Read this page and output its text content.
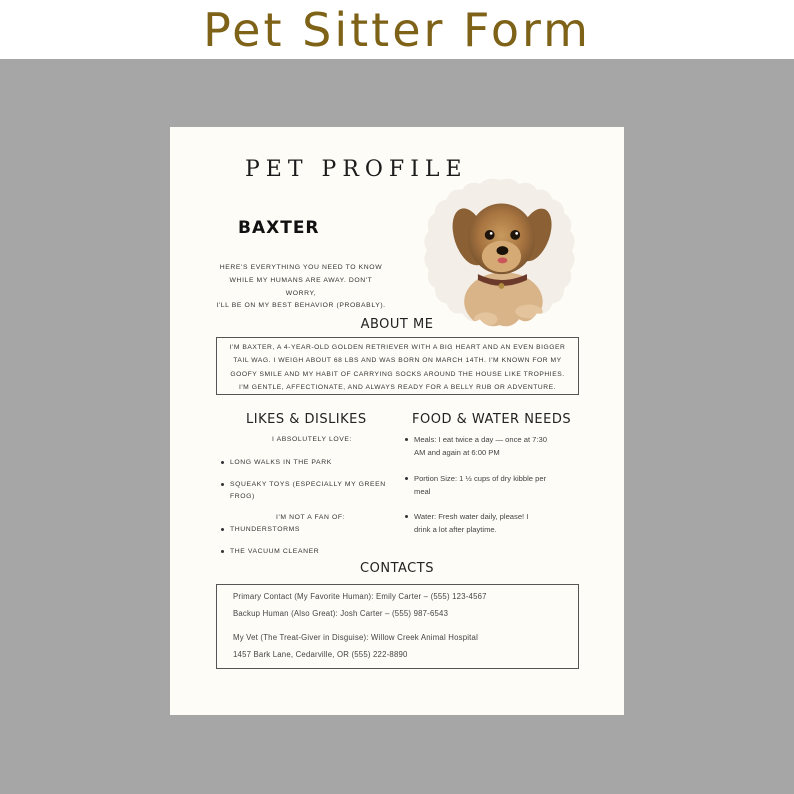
Pet Sitter Form
PET PROFILE
BAXTER
HERE'S EVERYTHING YOU NEED TO KNOW
WHILE MY HUMANS ARE AWAY. DON'T WORRY,
I'LL BE ON MY BEST BEHAVIOR (PROBABLY).
ABOUT ME
I'M BAXTER, A 4-YEAR-OLD GOLDEN RETRIEVER WITH A BIG HEART AND AN EVEN BIGGER
TAIL WAG. I WEIGH ABOUT 68 LBS AND WAS BORN ON MARCH 14TH. I'M KNOWN FOR MY
GOOFY SMILE AND MY HABIT OF CARRYING SOCKS AROUND THE HOUSE LIKE TROPHIES.
I'M GENTLE, AFFECTIONATE, AND ALWAYS READY FOR A BELLY RUB OR ADVENTURE.
LIKES & DISLIKES
I ABSOLUTELY LOVE:
LONG WALKS IN THE PARK
SQUEAKY TOYS (ESPECIALLY MY GREEN
FROG)
I'M NOT A FAN OF:
THUNDERSTORMS
THE VACUUM CLEANER
FOOD & WATER NEEDS
Meals: I eat twice a day — once at 7:30
AM and again at 6:00 PM
Portion Size: 1 ½ cups of dry kibble per
meal
Water: Fresh water daily, please! I
drink a lot after playtime.
CONTACTS
Primary Contact (My Favorite Human): Emily Carter – (555) 123-4567
Backup Human (Also Great): Josh Carter – (555) 987-6543
My Vet (The Treat-Giver in Disguise): Willow Creek Animal Hospital
1457 Bark Lane, Cedarville, OR (555) 222-8890
